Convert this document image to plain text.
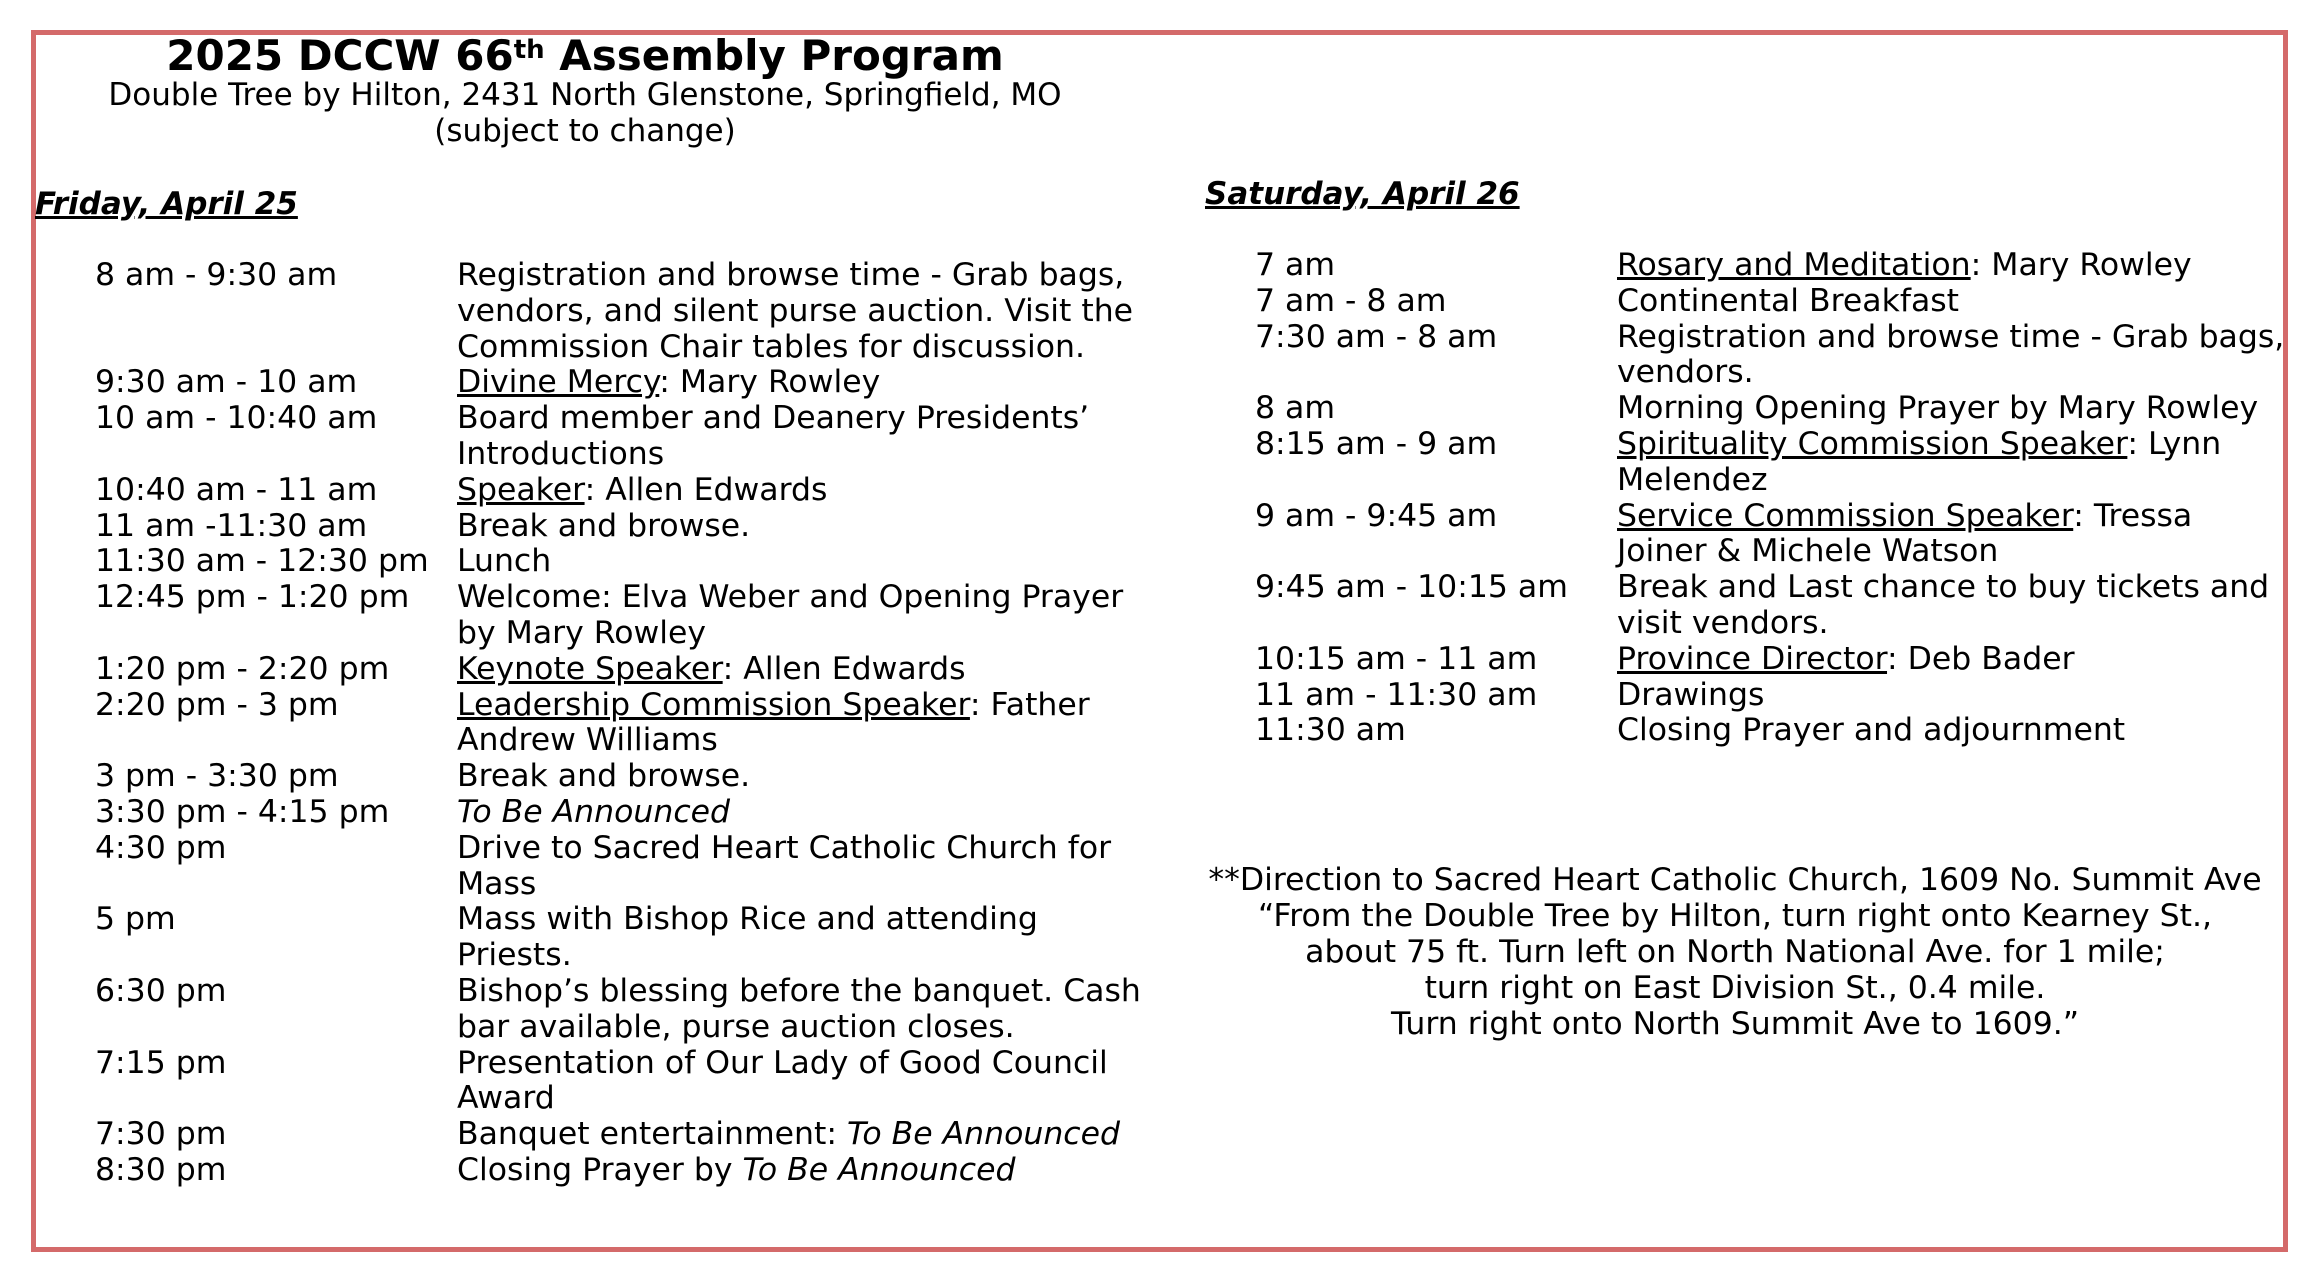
2025 DCCW 66th Assembly Program
Double Tree by Hilton, 2431 North Glenstone, Springfield, MO
(subject to change)
Friday, April 25
8 am - 9:30 am	Registration and browse time - Grab bags, vendors, and silent purse auction. Visit the Commission Chair tables for discussion.
9:30 am - 10 am	Divine Mercy: Mary Rowley
10 am - 10:40 am	Board member and Deanery Presidents’ Introductions
10:40 am - 11 am	Speaker: Allen Edwards
11 am -11:30 am	Break and browse.
11:30 am - 12:30 pm Lunch
12:45 pm - 1:20 pm	Welcome: Elva Weber and Opening Prayer by Mary Rowley
1:20 pm - 2:20 pm	Keynote Speaker: Allen Edwards
2:20 pm - 3 pm	Leadership Commission Speaker: Father Andrew Williams
3 pm - 3:30 pm	Break and browse.
3:30 pm - 4:15 pm	To Be Announced
4:30 pm	Drive to Sacred Heart Catholic Church for Mass
5 pm	Mass with Bishop Rice and attending Priests.
6:30 pm	Bishop’s blessing before the banquet. Cash bar available, purse auction closes.
7:15 pm	Presentation of Our Lady of Good Council Award
7:30 pm	Banquet entertainment: To Be Announced
8:30 pm	Closing Prayer by To Be Announced
Saturday, April 26
7 am	Rosary and Meditation: Mary Rowley
7 am - 8 am	Continental Breakfast
7:30 am - 8 am	Registration and browse time - Grab bags, vendors.
8 am	Morning Opening Prayer by Mary Rowley
8:15 am - 9 am	Spirituality Commission Speaker: Lynn Melendez
9 am - 9:45 am	Service Commission Speaker: Tressa Joiner & Michele Watson
9:45 am - 10:15 am	Break and Last chance to buy tickets and visit vendors.
10:15 am - 11 am	Province Director: Deb Bader
11 am - 11:30 am	Drawings
11:30 am	Closing Prayer and adjournment
**Direction to Sacred Heart Catholic Church, 1609 No. Summit Ave
“From the Double Tree by Hilton, turn right onto Kearney St.,
about 75 ft. Turn left on North National Ave. for 1 mile;
turn right on East Division St., 0.4 mile.
Turn right onto North Summit Ave to 1609.”
